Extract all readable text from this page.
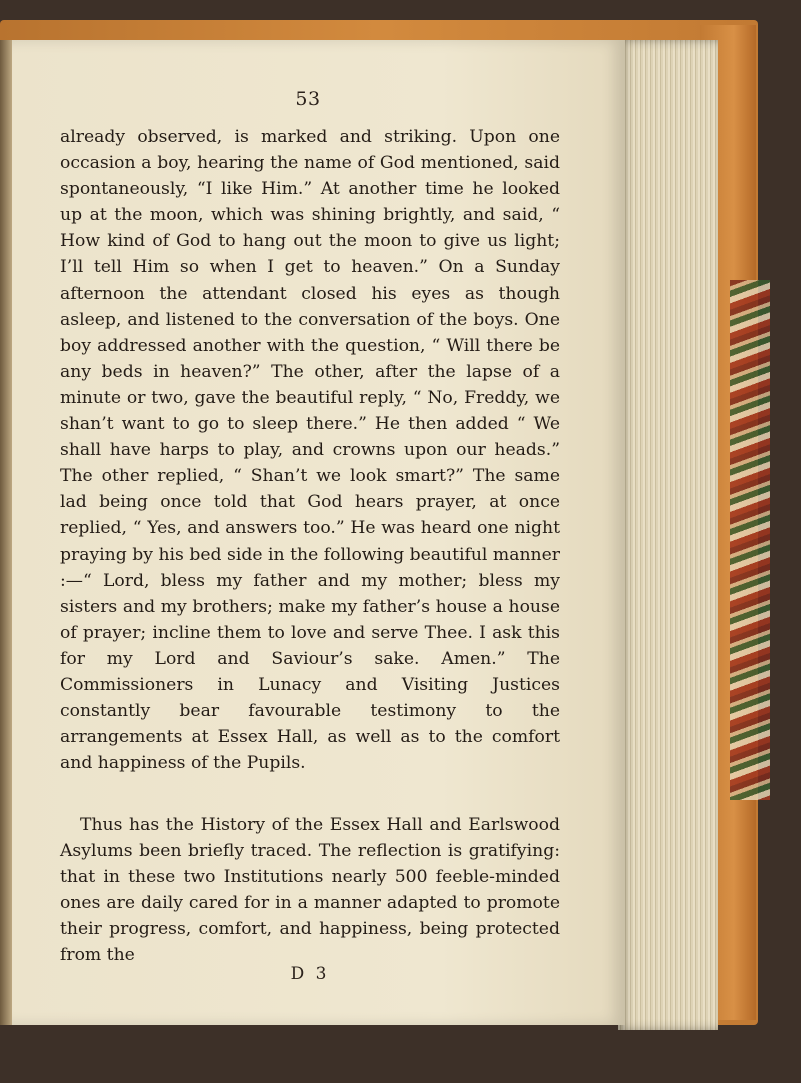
53

already observed, is marked and striking. Upon one occasion a boy, hearing the name of God mentioned, said spontaneously, “I like Him.” At another time he looked up at the moon, which was shining brightly, and said, “ How kind of God to hang out the moon to give us light; I’ll tell Him so when I get to heaven.” On a Sunday afternoon the attendant closed his eyes as though asleep, and listened to the conversation of the boys. One boy addressed another with the question, “ Will there be any beds in heaven?” The other, after the lapse of a minute or two, gave the beautiful reply, “ No, Freddy, we shan’t want to go to sleep there.” He then added “ We shall have harps to play, and crowns upon our heads.” The other replied, “ Shan’t we look smart?” The same lad being once told that God hears prayer, at once replied, “ Yes, and answers too.” He was heard one night praying by his bed side in the following beautiful manner :—“ Lord, bless my father and my mother; bless my sisters and my brothers; make my father’s house a house of prayer; incline them to love and serve Thee. I ask this for my Lord and Saviour’s sake. Amen.” The Commissioners in Lunacy and Visiting Justices constantly bear favourable testimony to the arrangements at Essex Hall, as well as to the comfort and happiness of the Pupils.

Thus has the History of the Essex Hall and Earlswood Asylums been briefly traced. The reflection is gratifying: that in these two Institutions nearly 500 feeble-minded ones are daily cared for in a manner adapted to promote their progress, comfort, and happiness, being protected from the

D 3
